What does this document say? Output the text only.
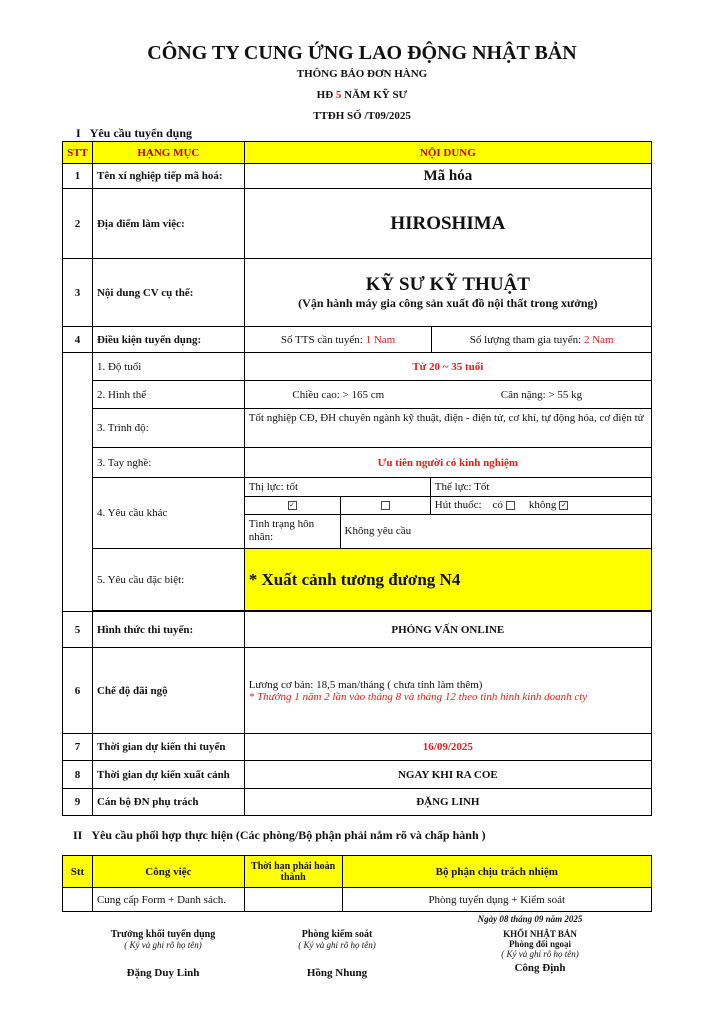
CÔNG TY CUNG ỨNG LAO ĐỘNG NHẬT BẢN
THÔNG BÁO ĐƠN HÀNG
HĐ 5 NĂM KỸ SƯ
TTĐH SỐ /T09/2025
I Yêu cầu tuyển dụng
STT	HẠNG MỤC	NỘI DUNG
1	Tên xí nghiệp tiếp mã hoá:	Mã hóa
2	Địa điểm làm việc:	HIROSHIMA
3	Nội dung CV cụ thể:	KỸ SƯ KỸ THUẬT
(Vận hành máy gia công sản xuất đồ nội thất trong xưởng)

4	Điều kiện tuyển dụng:	Số TTS cần tuyển: 1 Nam	Số lượng tham gia tuyển: 2 Nam
	1. Độ tuổi	Từ 20 ~ 35 tuổi
2. Hình thể	Chiều cao: > 165 cm	Cân nặng: > 55 kg
3. Trình độ:	Tốt nghiệp CĐ, ĐH chuyên ngành kỹ thuật, điện - điện tử, cơ khí, tự động hóa, cơ điện tử
3. Tay nghề:	Ưu tiên người có kinh nghiệm
4. Yêu cầu khác	
Thị lực: tốt	Thể lực: Tốt
✓		Hút thuốc: có không ✓
Tình trạng hôn nhân:	Không yêu cầu

5. Yêu cầu đặc biệt:	* Xuất cảnh tương đương N4

5	Hình thức thi tuyển:	PHỎNG VẤN ONLINE
6	Chế độ đãi ngộ	Lương cơ bản: 18,5 man/tháng ( chưa tính làm thêm)
* Thưởng 1 năm 2 lần vào tháng 8 và tháng 12 theo tình hình kinh doanh cty

7	Thời gian dự kiến thi tuyển	16/09/2025
8	Thời gian dự kiến xuất cảnh	NGAY KHI RA COE
9	Cán bộ ĐN phụ trách	ĐẶNG LINH
II Yêu cầu phối hợp thực hiện (Các phòng/Bộ phận phải nắm rõ và chấp hành )
Stt	Công việc	Thời hạn phải hoàn thành	Bộ phận chịu trách nhiệm
	Cung cấp Form + Danh sách.		Phòng tuyển dụng + Kiểm soát
Ngày 08 tháng 09 năm 2025
Trưởng khối tuyển dụng
( Ký và ghi rõ họ tên)
Đặng Duy Linh
Phòng kiểm soát
( Ký và ghi rõ họ tên)
Hồng Nhung
KHỐI NHẬT BẢN
Phòng đối ngoại
( Ký và ghi rõ họ tên)
Công Định
